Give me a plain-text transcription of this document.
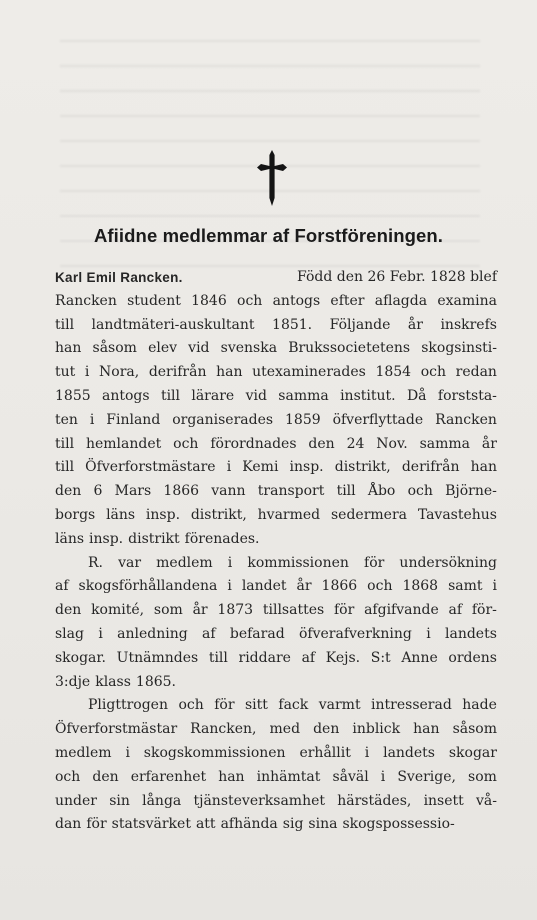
Afiidne medlemmar af Forstföreningen.
Karl Emil Rancken.	Född den 26 Febr. 1828 blef
Rancken student 1846 och antogs efter aflagda examina
till landtmäteri-auskultant 1851. Följande år inskrefs
han såsom elev vid svenska Brukssocietetens skogsinsti-
tut i Nora, derifrån han utexaminerades 1854 och redan
1855 antogs till lärare vid samma institut. Då forststa-
ten i Finland organiserades 1859 öfverflyttade Rancken
till hemlandet och förordnades den 24 Nov. samma år
till Öfverforstmästare i Kemi insp. distrikt, derifrån han
den 6 Mars 1866 vann transport till Åbo och Björne-
borgs läns insp. distrikt, hvarmed sedermera Tavastehus
läns insp. distrikt förenades.
R. var medlem i kommissionen för undersökning
af skogsförhållandena i landet år 1866 och 1868 samt i
den komité, som år 1873 tillsattes för afgifvande af för-
slag i anledning af befarad öfverafverkning i landets
skogar. Utnämndes till riddare af Kejs. S:t Anne ordens
3:dje klass 1865.
Pligttrogen och för sitt fack varmt intresserad hade
Öfverforstmästar Rancken, med den inblick han såsom
medlem i skogskommissionen erhållit i landets skogar
och den erfarenhet han inhämtat såväl i Sverige, som
under sin långa tjänsteverksamhet härstädes, insett vå-
dan för statsvärket att afhända sig sina skogspossessio-
